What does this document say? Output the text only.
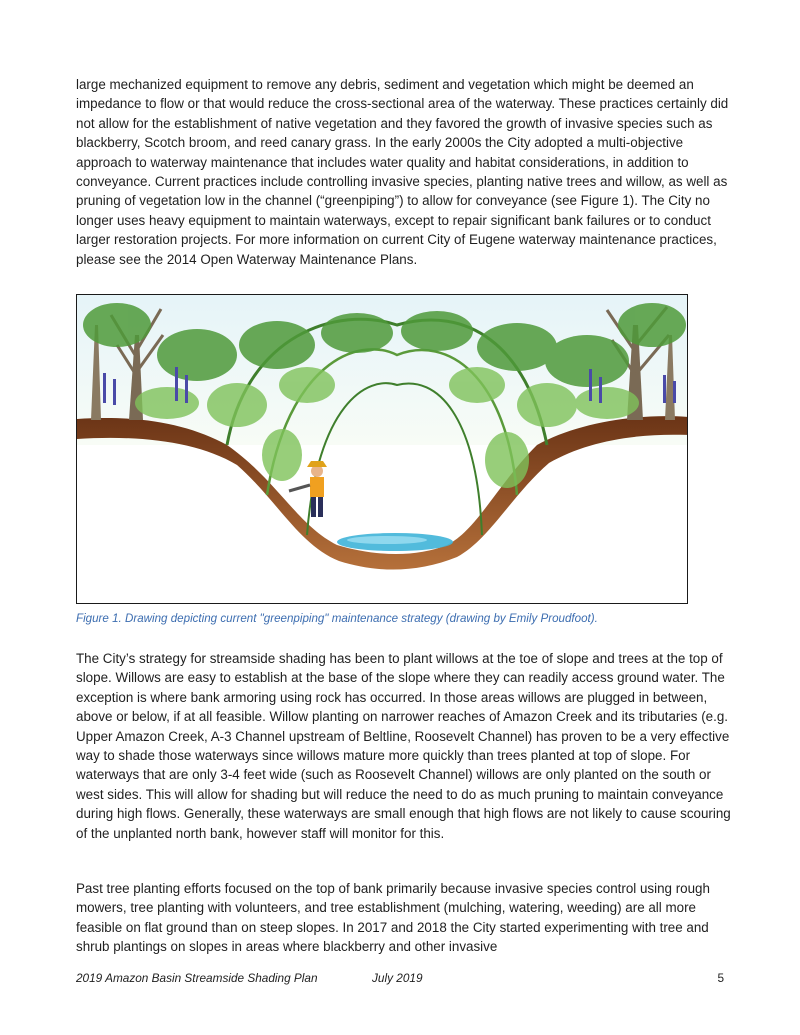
large mechanized equipment to remove any debris, sediment and vegetation which might be deemed an impedance to flow or that would reduce the cross-sectional area of the waterway. These practices certainly did not allow for the establishment of native vegetation and they favored the growth of invasive species such as blackberry, Scotch broom, and reed canary grass. In the early 2000s the City adopted a multi-objective approach to waterway maintenance that includes water quality and habitat considerations, in addition to conveyance. Current practices include controlling invasive species, planting native trees and willow, as well as pruning of vegetation low in the channel (“greenpiping”) to allow for conveyance (see Figure 1). The City no longer uses heavy equipment to maintain waterways, except to repair significant bank failures or to conduct larger restoration projects. For more information on current City of Eugene waterway maintenance practices, please see the 2014 Open Waterway Maintenance Plans.

Figure 1. Drawing depicting current "greenpiping" maintenance strategy (drawing by Emily Proudfoot).

The City’s strategy for streamside shading has been to plant willows at the toe of slope and trees at the top of slope. Willows are easy to establish at the base of the slope where they can readily access ground water. The exception is where bank armoring using rock has occurred. In those areas willows are plugged in between, above or below, if at all feasible. Willow planting on narrower reaches of Amazon Creek and its tributaries (e.g. Upper Amazon Creek, A-3 Channel upstream of Beltline, Roosevelt Channel) has proven to be a very effective way to shade those waterways since willows mature more quickly than trees planted at top of slope. For waterways that are only 3-4 feet wide (such as Roosevelt Channel) willows are only planted on the south or west sides. This will allow for shading but will reduce the need to do as much pruning to maintain conveyance during high flows. Generally, these waterways are small enough that high flows are not likely to cause scouring of the unplanted north bank, however staff will monitor for this.

Past tree planting efforts focused on the top of bank primarily because invasive species control using rough mowers, tree planting with volunteers, and tree establishment (mulching, watering, weeding) are all more feasible on flat ground than on steep slopes. In 2017 and 2018 the City started experimenting with tree and shrub plantings on slopes in areas where blackberry and other invasive

2019 Amazon Basin Streamside Shading Plan	July 2019	5
